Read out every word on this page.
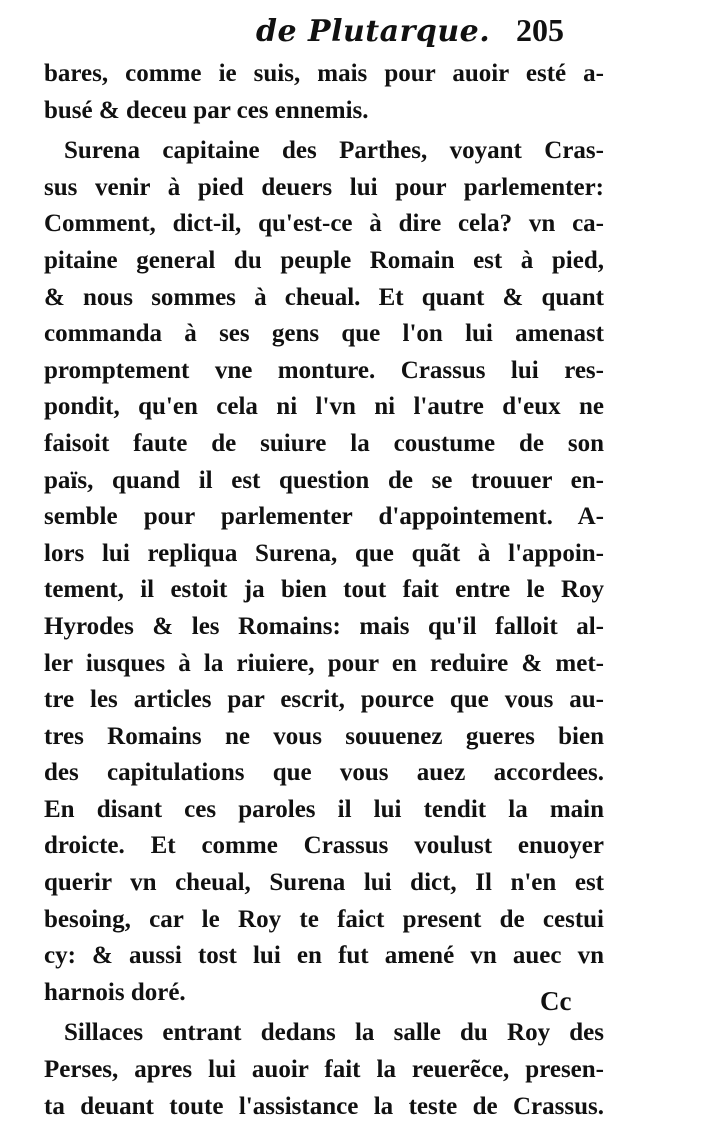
de Plutarque. 205
bares, comme ie suis, mais pour auoir esté a-
busé & deceu par ces ennemis.
Surena capitaine des Parthes, voyant Cras-
sus venir à pied deuers lui pour parlementer:
Comment, dict-il, qu'est-ce à dire cela? vn ca-
pitaine general du peuple Romain est à pied,
& nous sommes à cheual. Et quant & quant
commanda à ses gens que l'on lui amenast
promptement vne monture. Crassus lui res-
pondit, qu'en cela ni l'vn ni l'autre d'eux ne
faisoit faute de suiure la coustume de son
païs, quand il est question de se trouuer en-
semble pour parlementer d'appointement. A-
lors lui repliqua Surena, que quãt à l'appoin-
tement, il estoit ja bien tout fait entre le Roy
Hyrodes & les Romains: mais qu'il falloit al-
ler iusques à la riuiere, pour en reduire & met-
tre les articles par escrit, pource que vous au-
tres Romains ne vous souuenez gueres bien
des capitulations que vous auez accordees.
En disant ces paroles il lui tendit la main
droicte. Et comme Crassus voulust enuoyer
querir vn cheual, Surena lui dict, Il n'en est
besoing, car le Roy te faict present de cestui
cy: & aussi tost lui en fut amené vn auec vn
harnois doré.
Sillaces entrant dedans la salle du Roy des
Perses, apres lui auoir fait la reuerẽce, presen-
ta deuant toute l'assistance la teste de Crassus.
Cc
